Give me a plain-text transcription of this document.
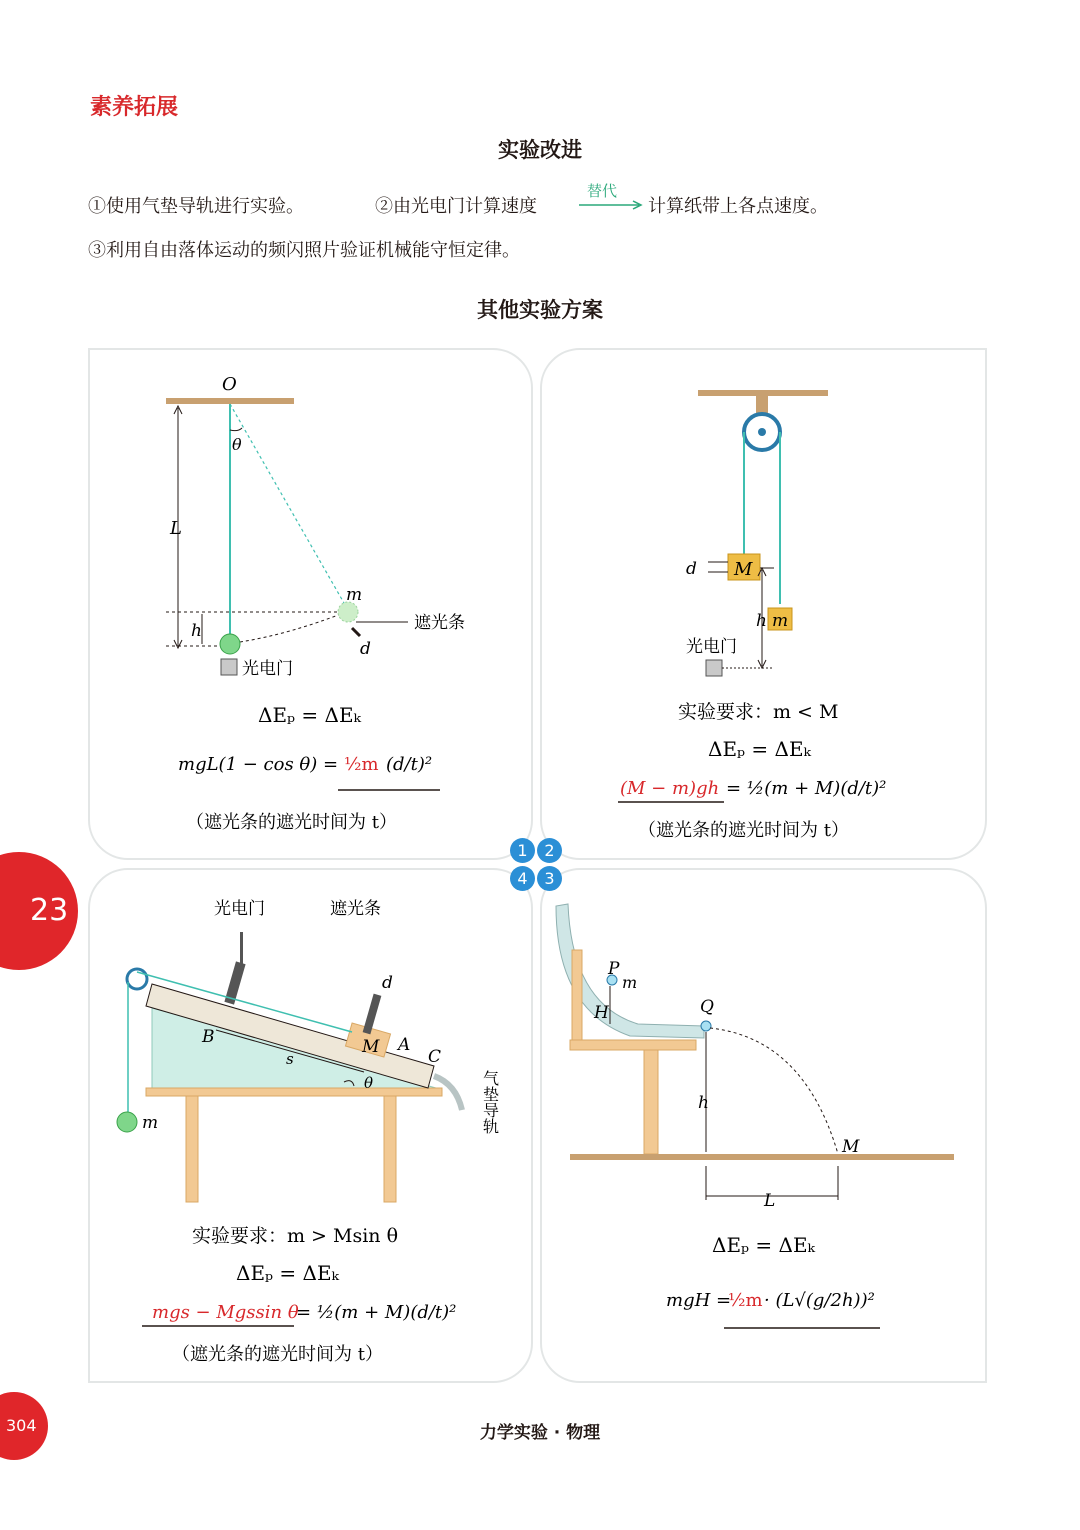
素养拓展
实验改进
①使用气垫导轨进行实验。	②由光电门计算速度
替代
计算纸带上各点速度。
③利用自由落体运动的频闪照片验证机械能守恒定律。
其他实验方案
O
θ
L
h
m
d
遮光条
光电门
ΔEₚ = ΔEₖ
mgL(1 − cos θ) = ½m (d/t)²
（遮光条的遮光时间为 t）
d M
h m
光电门
实验要求：m < M
ΔEₚ = ΔEₖ
(M − m)gh = ½(m + M)(d/t)²
（遮光条的遮光时间为 t）
光电门	遮光条
d
B	M A
C
s
θ
m	气垫导轨
实验要求：m > Msin θ
ΔEₚ = ΔEₖ
mgs − Mgssin θ
= ½(m + M)(d/t)²
（遮光条的遮光时间为 t）
P
m
H	Q
h
M
L
ΔEₚ = ΔEₖ
mgH =
½m · (L√(g/2h))²
1	2
4	3
23
304	力学实验 · 物理
